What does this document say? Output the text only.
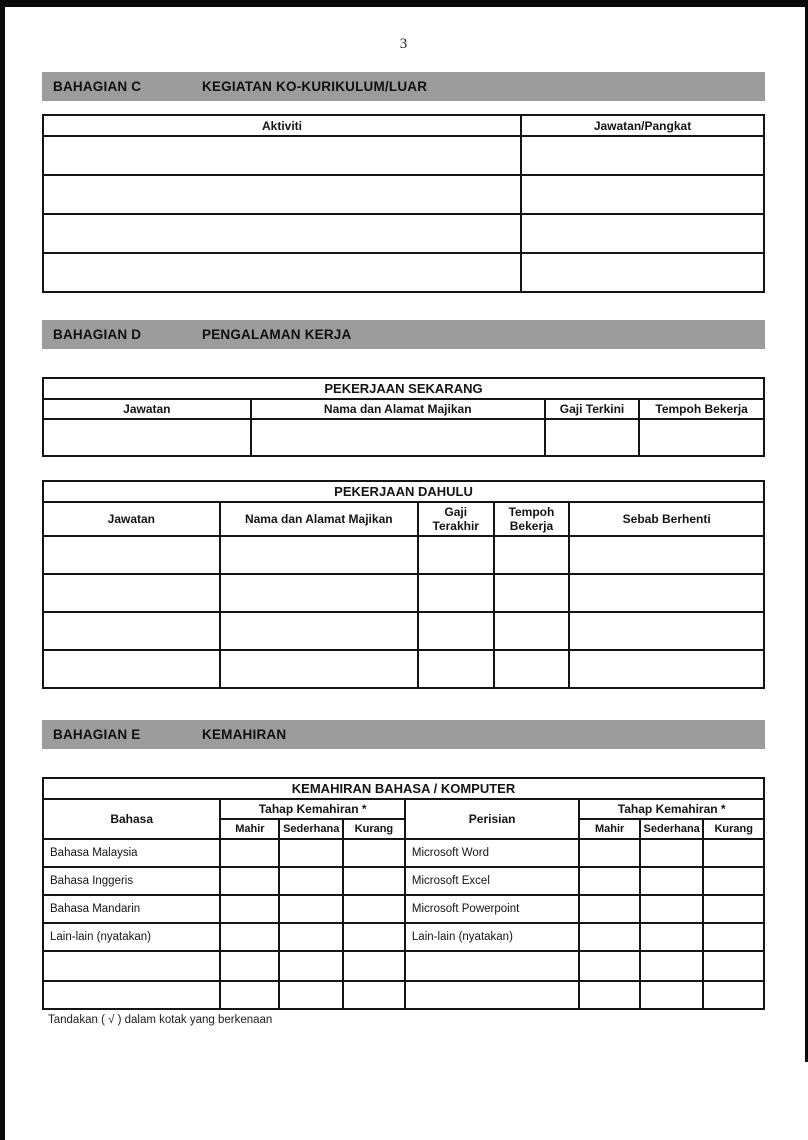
3
BAHAGIAN C	KEGIATAN KO-KURIKULUM/LUAR
Aktiviti	Jawatan/Pangkat

BAHAGIAN D	PENGALAMAN KERJA
PEKERJAAN SEKARANG			
Jawatan	Nama dan Alamat Majikan	Gaji Terkini	Tempoh Bekerja

PEKERJAAN DAHULU				
Jawatan	Nama dan Alamat Majikan	Gaji Terakhir	Tempoh Bekerja	Sebab Berhenti

BAHAGIAN E	KEMAHIRAN
KEMAHIRAN BAHASA / KOMPUTER							
Bahasa	Tahap Kemahiran *			Perisian	Tahap Kemahiran *		
	Mahir	Sederhana	Kurang		Mahir	Sederhana	Kurang
Bahasa Malaysia				Microsoft Word			
Bahasa Inggeris				Microsoft Excel			
Bahasa Mandarin				Microsoft Powerpoint			
Lain-lain (nyatakan)				Lain-lain (nyatakan)			

Tandakan ( √ ) dalam kotak yang berkenaan
